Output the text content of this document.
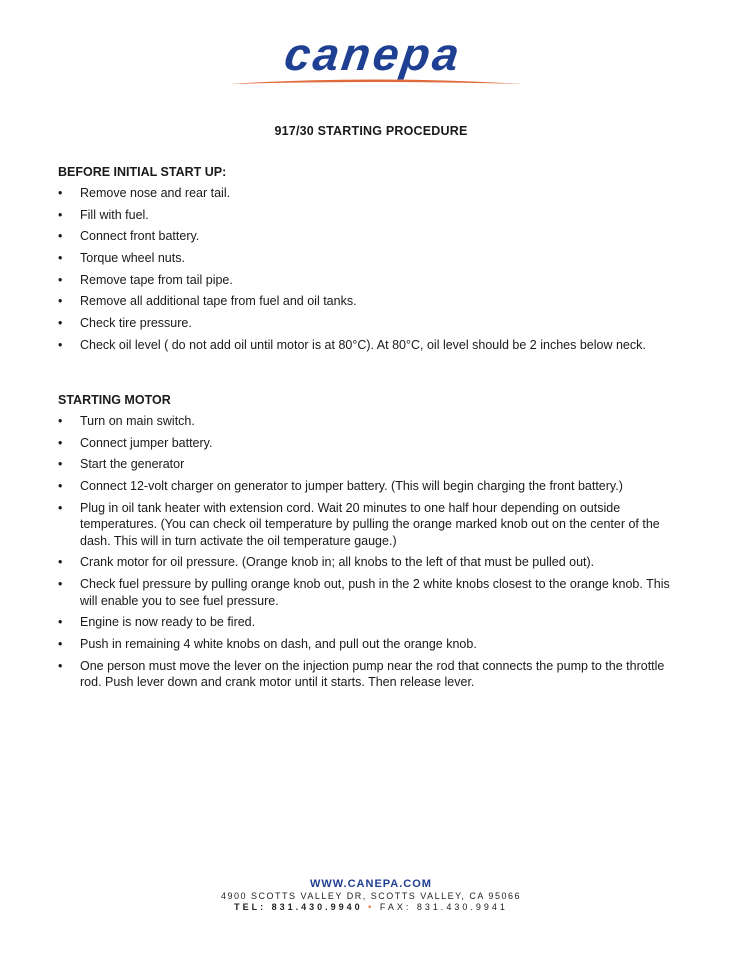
canepa
917/30 STARTING PROCEDURE
BEFORE INITIAL START UP:
• Remove nose and rear tail.
• Fill with fuel.
• Connect front battery.
• Torque wheel nuts.
• Remove tape from tail pipe.
• Remove all additional tape from fuel and oil tanks.
• Check tire pressure.
• Check oil level ( do not add oil until motor is at 80°C). At 80°C, oil level should be 2 inches below neck.
STARTING MOTOR
• Turn on main switch.
• Connect jumper battery.
• Start the generator
• Connect 12-volt charger on generator to jumper battery. (This will begin charging the front battery.)
• Plug in oil tank heater with extension cord. Wait 20 minutes to one half hour depending on outside temperatures. (You can check oil temperature by pulling the orange marked knob out on the center of the dash. This will in turn activate the oil temperature gauge.)
• Crank motor for oil pressure. (Orange knob in; all knobs to the left of that must be pulled out).
• Check fuel pressure by pulling orange knob out, push in the 2 white knobs closest to the orange knob. This will enable you to see fuel pressure.
• Engine is now ready to be fired.
• Push in remaining 4 white knobs on dash, and pull out the orange knob.
• One person must move the lever on the injection pump near the rod that connects the pump to the throttle rod. Push lever down and crank motor until it starts. Then release lever.
WWW.CANEPA.COM
4900 SCOTTS VALLEY DR, SCOTTS VALLEY, CA 95066
TEL: 831.430.9940 • FAX: 831.430.9941
